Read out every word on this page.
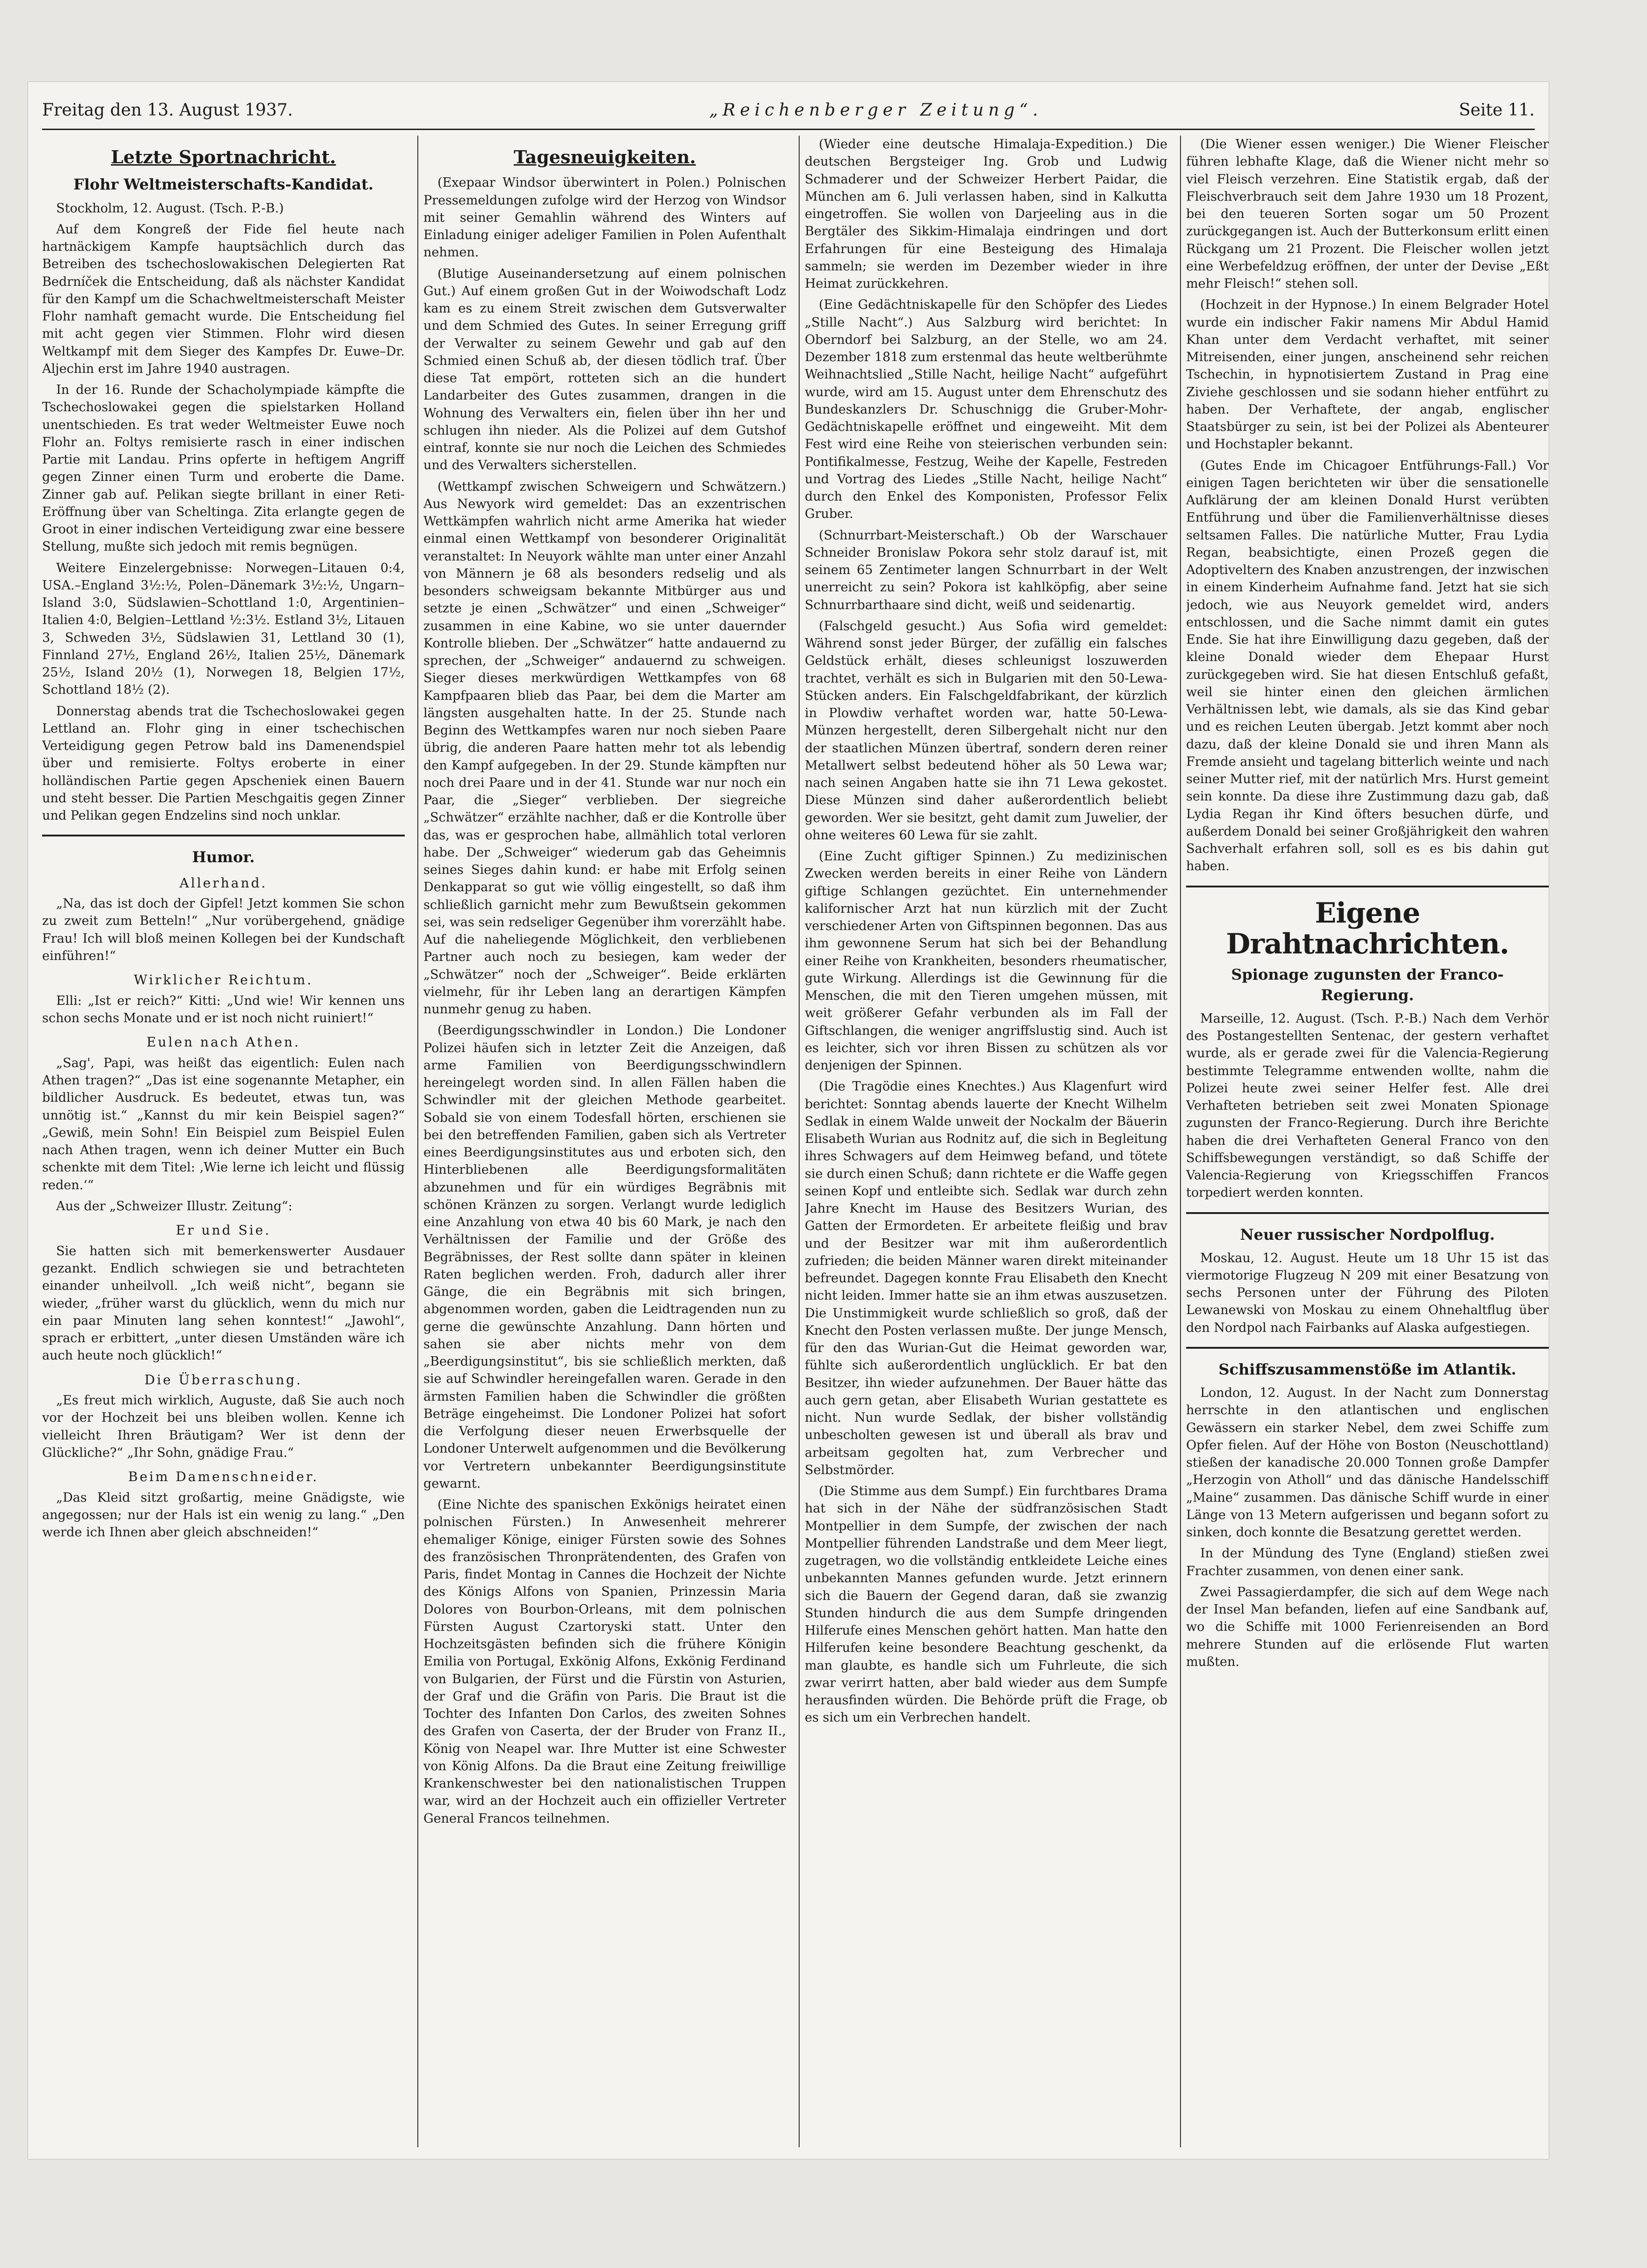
Freitag den 13. August 1937.	„Reichenberger Zeitung“.	Seite 11.
Letzte Sportnachricht.
Flohr Weltmeisterschafts-Kandidat.

Stockholm, 12. August. (Tsch. P.-B.)

Auf dem Kongreß der Fide fiel heute nach hartnäckigem Kampfe hauptsächlich durch das Betreiben des tschechoslowakischen Delegierten Rat Bedrníček die Entscheidung, daß als nächster Kandidat für den Kampf um die Schachweltmeisterschaft Meister Flohr namhaft gemacht wurde. Die Entscheidung fiel mit acht gegen vier Stimmen. Flohr wird diesen Weltkampf mit dem Sieger des Kampfes Dr. Euwe–Dr. Aljechin erst im Jahre 1940 austragen.

In der 16. Runde der Schacholympiade kämpfte die Tschechoslowakei gegen die spielstarken Holland unentschieden. Es trat weder Weltmeister Euwe noch Flohr an. Foltys remisierte rasch in einer indischen Partie mit Landau. Prins opferte in heftigem Angriff gegen Zinner einen Turm und eroberte die Dame. Zinner gab auf. Pelikan siegte brillant in einer Reti-Eröffnung über van Scheltinga. Zita erlangte gegen de Groot in einer indischen Verteidigung zwar eine bessere Stellung, mußte sich jedoch mit remis begnügen.

Weitere Einzelergebnisse: Norwegen–Litauen 0:4, USA.–England 3½:½, Polen–Dänemark 3½:½, Ungarn–Island 3:0, Südslawien–Schottland 1:0, Argentinien–Italien 4:0, Belgien–Lettland ½:3½. Estland 3½, Litauen 3, Schweden 3½, Südslawien 31, Lettland 30 (1), Finnland 27½, England 26½, Italien 25½, Dänemark 25½, Island 20½ (1), Norwegen 18, Belgien 17½, Schottland 18½ (2).

Donnerstag abends trat die Tschechoslowakei gegen Lettland an. Flohr ging in einer tschechischen Verteidigung gegen Petrow bald ins Damenendspiel über und remisierte. Foltys eroberte in einer holländischen Partie gegen Apscheniek einen Bauern und steht besser. Die Partien Meschgaitis gegen Zinner und Pelikan gegen Endzelins sind noch unklar.

Humor.
Allerhand.

„Na, das ist doch der Gipfel! Jetzt kommen Sie schon zu zweit zum Betteln!“ „Nur vorübergehend, gnädige Frau! Ich will bloß meinen Kollegen bei der Kundschaft einführen!“

Wirklicher Reichtum.

Elli: „Ist er reich?“ Kitti: „Und wie! Wir kennen uns schon sechs Monate und er ist noch nicht ruiniert!“

Eulen nach Athen.

„Sag', Papi, was heißt das eigentlich: Eulen nach Athen tragen?“ „Das ist eine sogenannte Metapher, ein bildlicher Ausdruck. Es bedeutet, etwas tun, was unnötig ist.“ „Kannst du mir kein Beispiel sagen?“ „Gewiß, mein Sohn! Ein Beispiel zum Beispiel Eulen nach Athen tragen, wenn ich deiner Mutter ein Buch schenkte mit dem Titel: ‚Wie lerne ich leicht und flüssig reden.‘“

Aus der „Schweizer Illustr. Zeitung“:

Er und Sie.

Sie hatten sich mit bemerkenswerter Ausdauer gezankt. Endlich schwiegen sie und betrachteten einander unheilvoll. „Ich weiß nicht“, begann sie wieder, „früher warst du glücklich, wenn du mich nur ein paar Minuten lang sehen konntest!“ „Jawohl“, sprach er erbittert, „unter diesen Umständen wäre ich auch heute noch glücklich!“

Die Überraschung.

„Es freut mich wirklich, Auguste, daß Sie auch noch vor der Hochzeit bei uns bleiben wollen. Kenne ich vielleicht Ihren Bräutigam? Wer ist denn der Glückliche?“ „Ihr Sohn, gnädige Frau.“

Beim Damenschneider.

„Das Kleid sitzt großartig, meine Gnädigste, wie angegossen; nur der Hals ist ein wenig zu lang.“ „Den werde ich Ihnen aber gleich abschneiden!“

Tagesneuigkeiten.

(Exepaar Windsor überwintert in Polen.) Polnischen Pressemeldungen zufolge wird der Herzog von Windsor mit seiner Gemahlin während des Winters auf Einladung einiger adeliger Familien in Polen Aufenthalt nehmen.

(Blutige Auseinandersetzung auf einem polnischen Gut.) Auf einem großen Gut in der Woiwodschaft Lodz kam es zu einem Streit zwischen dem Gutsverwalter und dem Schmied des Gutes. In seiner Erregung griff der Verwalter zu seinem Gewehr und gab auf den Schmied einen Schuß ab, der diesen tödlich traf. Über diese Tat empört, rotteten sich an die hundert Landarbeiter des Gutes zusammen, drangen in die Wohnung des Verwalters ein, fielen über ihn her und schlugen ihn nieder. Als die Polizei auf dem Gutshof eintraf, konnte sie nur noch die Leichen des Schmiedes und des Verwalters sicherstellen.

(Wettkampf zwischen Schweigern und Schwätzern.) Aus Newyork wird gemeldet: Das an exzentrischen Wettkämpfen wahrlich nicht arme Amerika hat wieder einmal einen Wettkampf von besonderer Originalität veranstaltet: In Neuyork wählte man unter einer Anzahl von Männern je 68 als besonders redselig und als besonders schweigsam bekannte Mitbürger aus und setzte je einen „Schwätzer“ und einen „Schweiger“ zusammen in eine Kabine, wo sie unter dauernder Kontrolle blieben. Der „Schwätzer“ hatte andauernd zu sprechen, der „Schweiger“ andauernd zu schweigen. Sieger dieses merkwürdigen Wettkampfes von 68 Kampfpaaren blieb das Paar, bei dem die Marter am längsten ausgehalten hatte. In der 25. Stunde nach Beginn des Wettkampfes waren nur noch sieben Paare übrig, die anderen Paare hatten mehr tot als lebendig den Kampf aufgegeben. In der 29. Stunde kämpften nur noch drei Paare und in der 41. Stunde war nur noch ein Paar, die „Sieger“ verblieben. Der siegreiche „Schwätzer“ erzählte nachher, daß er die Kontrolle über das, was er gesprochen habe, allmählich total verloren habe. Der „Schweiger“ wiederum gab das Geheimnis seines Sieges dahin kund: er habe mit Erfolg seinen Denkapparat so gut wie völlig eingestellt, so daß ihm schließlich garnicht mehr zum Bewußtsein gekommen sei, was sein redseliger Gegenüber ihm vorerzählt habe. Auf die naheliegende Möglichkeit, den verbliebenen Partner auch noch zu besiegen, kam weder der „Schwätzer“ noch der „Schweiger“. Beide erklärten vielmehr, für ihr Leben lang an derartigen Kämpfen nunmehr genug zu haben.

(Beerdigungsschwindler in London.) Die Londoner Polizei häufen sich in letzter Zeit die Anzeigen, daß arme Familien von Beerdigungsschwindlern hereingelegt worden sind. In allen Fällen haben die Schwindler mit der gleichen Methode gearbeitet. Sobald sie von einem Todesfall hörten, erschienen sie bei den betreffenden Familien, gaben sich als Vertreter eines Beerdigungsinstitutes aus und erboten sich, den Hinterbliebenen alle Beerdigungsformalitäten abzunehmen und für ein würdiges Begräbnis mit schönen Kränzen zu sorgen. Verlangt wurde lediglich eine Anzahlung von etwa 40 bis 60 Mark, je nach den Verhältnissen der Familie und der Größe des Begräbnisses, der Rest sollte dann später in kleinen Raten beglichen werden. Froh, dadurch aller ihrer Gänge, die ein Begräbnis mit sich bringen, abgenommen worden, gaben die Leidtragenden nun zu gerne die gewünschte Anzahlung. Dann hörten und sahen sie aber nichts mehr von dem „Beerdigungsinstitut“, bis sie schließlich merkten, daß sie auf Schwindler hereingefallen waren. Gerade in den ärmsten Familien haben die Schwindler die größten Beträge eingeheimst. Die Londoner Polizei hat sofort die Verfolgung dieser neuen Erwerbsquelle der Londoner Unterwelt aufgenommen und die Bevölkerung vor Vertretern unbekannter Beerdigungsinstitute gewarnt.

(Eine Nichte des spanischen Exkönigs heiratet einen polnischen Fürsten.) In Anwesenheit mehrerer ehemaliger Könige, einiger Fürsten sowie des Sohnes des französischen Thronprätendenten, des Grafen von Paris, findet Montag in Cannes die Hochzeit der Nichte des Königs Alfons von Spanien, Prinzessin Maria Dolores von Bourbon-Orleans, mit dem polnischen Fürsten August Czartoryski statt. Unter den Hochzeitsgästen befinden sich die frühere Königin Emilia von Portugal, Exkönig Alfons, Exkönig Ferdinand von Bulgarien, der Fürst und die Fürstin von Asturien, der Graf und die Gräfin von Paris. Die Braut ist die Tochter des Infanten Don Carlos, des zweiten Sohnes des Grafen von Caserta, der der Bruder von Franz II., König von Neapel war. Ihre Mutter ist eine Schwester von König Alfons. Da die Braut eine Zeitung freiwillige Krankenschwester bei den nationalistischen Truppen war, wird an der Hochzeit auch ein offizieller Vertreter General Francos teilnehmen.

(Wieder eine deutsche Himalaja-Expedition.) Die deutschen Bergsteiger Ing. Grob und Ludwig Schmaderer und der Schweizer Herbert Paidar, die München am 6. Juli verlassen haben, sind in Kalkutta eingetroffen. Sie wollen von Darjeeling aus in die Bergtäler des Sikkim-Himalaja eindringen und dort Erfahrungen für eine Besteigung des Himalaja sammeln; sie werden im Dezember wieder in ihre Heimat zurückkehren.

(Eine Gedächtniskapelle für den Schöpfer des Liedes „Stille Nacht“.) Aus Salzburg wird berichtet: In Oberndorf bei Salzburg, an der Stelle, wo am 24. Dezember 1818 zum erstenmal das heute weltberühmte Weihnachtslied „Stille Nacht, heilige Nacht“ aufgeführt wurde, wird am 15. August unter dem Ehrenschutz des Bundeskanzlers Dr. Schuschnigg die Gruber-Mohr-Gedächtniskapelle eröffnet und eingeweiht. Mit dem Fest wird eine Reihe von steierischen verbunden sein: Pontifikalmesse, Festzug, Weihe der Kapelle, Festreden und Vortrag des Liedes „Stille Nacht, heilige Nacht“ durch den Enkel des Komponisten, Professor Felix Gruber.

(Schnurrbart-Meisterschaft.) Ob der Warschauer Schneider Bronislaw Pokora sehr stolz darauf ist, mit seinem 65 Zentimeter langen Schnurrbart in der Welt unerreicht zu sein? Pokora ist kahlköpfig, aber seine Schnurrbarthaare sind dicht, weiß und seidenartig.

(Falschgeld gesucht.) Aus Sofia wird gemeldet: Während sonst jeder Bürger, der zufällig ein falsches Geldstück erhält, dieses schleunigst loszuwerden trachtet, verhält es sich in Bulgarien mit den 50-Lewa-Stücken anders. Ein Falschgeldfabrikant, der kürzlich in Plowdiw verhaftet worden war, hatte 50-Lewa-Münzen hergestellt, deren Silbergehalt nicht nur den der staatlichen Münzen übertraf, sondern deren reiner Metallwert selbst bedeutend höher als 50 Lewa war; nach seinen Angaben hatte sie ihn 71 Lewa gekostet. Diese Münzen sind daher außerordentlich beliebt geworden. Wer sie besitzt, geht damit zum Juwelier, der ohne weiteres 60 Lewa für sie zahlt.

(Eine Zucht giftiger Spinnen.) Zu medizinischen Zwecken werden bereits in einer Reihe von Ländern giftige Schlangen gezüchtet. Ein unternehmender kalifornischer Arzt hat nun kürzlich mit der Zucht verschiedener Arten von Giftspinnen begonnen. Das aus ihm gewonnene Serum hat sich bei der Behandlung einer Reihe von Krankheiten, besonders rheumatischer, gute Wirkung. Allerdings ist die Gewinnung für die Menschen, die mit den Tieren umgehen müssen, mit weit größerer Gefahr verbunden als im Fall der Giftschlangen, die weniger angriffslustig sind. Auch ist es leichter, sich vor ihren Bissen zu schützen als vor denjenigen der Spinnen.

(Die Tragödie eines Knechtes.) Aus Klagenfurt wird berichtet: Sonntag abends lauerte der Knecht Wilhelm Sedlak in einem Walde unweit der Nockalm der Bäuerin Elisabeth Wurian aus Rodnitz auf, die sich in Begleitung ihres Schwagers auf dem Heimweg befand, und tötete sie durch einen Schuß; dann richtete er die Waffe gegen seinen Kopf und entleibte sich. Sedlak war durch zehn Jahre Knecht im Hause des Besitzers Wurian, des Gatten der Ermordeten. Er arbeitete fleißig und brav und der Besitzer war mit ihm außerordentlich zufrieden; die beiden Männer waren direkt miteinander befreundet. Dagegen konnte Frau Elisabeth den Knecht nicht leiden. Immer hatte sie an ihm etwas auszusetzen. Die Unstimmigkeit wurde schließlich so groß, daß der Knecht den Posten verlassen mußte. Der junge Mensch, für den das Wurian-Gut die Heimat geworden war, fühlte sich außerordentlich unglücklich. Er bat den Besitzer, ihn wieder aufzunehmen. Der Bauer hätte das auch gern getan, aber Elisabeth Wurian gestattete es nicht. Nun wurde Sedlak, der bisher vollständig unbescholten gewesen ist und überall als brav und arbeitsam gegolten hat, zum Verbrecher und Selbstmörder.

(Die Stimme aus dem Sumpf.) Ein furchtbares Drama hat sich in der Nähe der südfranzösischen Stadt Montpellier in dem Sumpfe, der zwischen der nach Montpellier führenden Landstraße und dem Meer liegt, zugetragen, wo die vollständig entkleidete Leiche eines unbekannten Mannes gefunden wurde. Jetzt erinnern sich die Bauern der Gegend daran, daß sie zwanzig Stunden hindurch die aus dem Sumpfe dringenden Hilferufe eines Menschen gehört hatten. Man hatte den Hilferufen keine besondere Beachtung geschenkt, da man glaubte, es handle sich um Fuhrleute, die sich zwar verirrt hatten, aber bald wieder aus dem Sumpfe herausfinden würden. Die Behörde prüft die Frage, ob es sich um ein Verbrechen handelt.

(Die Wiener essen weniger.) Die Wiener Fleischer führen lebhafte Klage, daß die Wiener nicht mehr so viel Fleisch verzehren. Eine Statistik ergab, daß der Fleischverbrauch seit dem Jahre 1930 um 18 Prozent, bei den teueren Sorten sogar um 50 Prozent zurückgegangen ist. Auch der Butterkonsum erlitt einen Rückgang um 21 Prozent. Die Fleischer wollen jetzt eine Werbefeldzug eröffnen, der unter der Devise „Eßt mehr Fleisch!“ stehen soll.

(Hochzeit in der Hypnose.) In einem Belgrader Hotel wurde ein indischer Fakir namens Mir Abdul Hamid Khan unter dem Verdacht verhaftet, mit seiner Mitreisenden, einer jungen, anscheinend sehr reichen Tschechin, in hypnotisiertem Zustand in Prag eine Ziviehe geschlossen und sie sodann hieher entführt zu haben. Der Verhaftete, der angab, englischer Staatsbürger zu sein, ist bei der Polizei als Abenteurer und Hochstapler bekannt.

(Gutes Ende im Chicagoer Entführungs-Fall.) Vor einigen Tagen berichteten wir über die sensationelle Aufklärung der am kleinen Donald Hurst verübten Entführung und über die Familienverhältnisse dieses seltsamen Falles. Die natürliche Mutter, Frau Lydia Regan, beabsichtigte, einen Prozeß gegen die Adoptiveltern des Knaben anzustrengen, der inzwischen in einem Kinderheim Aufnahme fand. Jetzt hat sie sich jedoch, wie aus Neuyork gemeldet wird, anders entschlossen, und die Sache nimmt damit ein gutes Ende. Sie hat ihre Einwilligung dazu gegeben, daß der kleine Donald wieder dem Ehepaar Hurst zurückgegeben wird. Sie hat diesen Entschluß gefaßt, weil sie hinter einen den gleichen ärmlichen Verhältnissen lebt, wie damals, als sie das Kind gebar und es reichen Leuten übergab. Jetzt kommt aber noch dazu, daß der kleine Donald sie und ihren Mann als Fremde ansieht und tagelang bitterlich weinte und nach seiner Mutter rief, mit der natürlich Mrs. Hurst gemeint sein konnte. Da diese ihre Zustimmung dazu gab, daß Lydia Regan ihr Kind öfters besuchen dürfe, und außerdem Donald bei seiner Großjährigkeit den wahren Sachverhalt erfahren soll, soll es es bis dahin gut haben.

Eigene Drahtnachrichten.
Spionage zugunsten der Franco-Regierung.

Marseille, 12. August. (Tsch. P.-B.) Nach dem Verhör des Postangestellten Sentenac, der gestern verhaftet wurde, als er gerade zwei für die Valencia-Regierung bestimmte Telegramme entwenden wollte, nahm die Polizei heute zwei seiner Helfer fest. Alle drei Verhafteten betrieben seit zwei Monaten Spionage zugunsten der Franco-Regierung. Durch ihre Berichte haben die drei Verhafteten General Franco von den Schiffsbewegungen verständigt, so daß Schiffe der Valencia-Regierung von Kriegsschiffen Francos torpediert werden konnten.

Neuer russischer Nordpolflug.

Moskau, 12. August. Heute um 18 Uhr 15 ist das viermotorige Flugzeug N 209 mit einer Besatzung von sechs Personen unter der Führung des Piloten Lewanewski von Moskau zu einem Ohnehaltflug über den Nordpol nach Fairbanks auf Alaska aufgestiegen.

Schiffszusammenstöße im Atlantik.

London, 12. August. In der Nacht zum Donnerstag herrschte in den atlantischen und englischen Gewässern ein starker Nebel, dem zwei Schiffe zum Opfer fielen. Auf der Höhe von Boston (Neuschottland) stießen der kanadische 20.000 Tonnen große Dampfer „Herzogin von Atholl“ und das dänische Handelsschiff „Maine“ zusammen. Das dänische Schiff wurde in einer Länge von 13 Metern aufgerissen und begann sofort zu sinken, doch konnte die Besatzung gerettet werden.

In der Mündung des Tyne (England) stießen zwei Frachter zusammen, von denen einer sank.

Zwei Passagierdampfer, die sich auf dem Wege nach der Insel Man befanden, liefen auf eine Sandbank auf, wo die Schiffe mit 1000 Ferienreisenden an Bord mehrere Stunden auf die erlösende Flut warten mußten.
